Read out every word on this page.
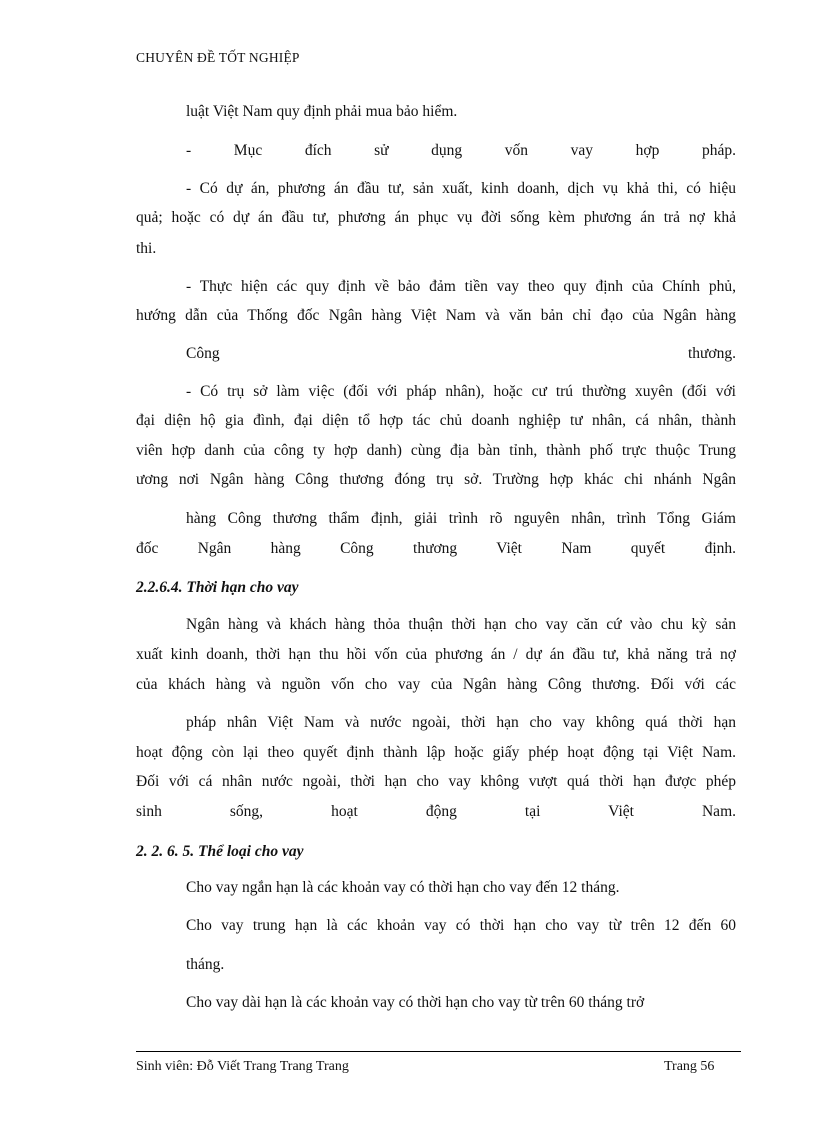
CHUYÊN ĐỀ TỐT NGHIỆP
luật Việt Nam quy định phải mua bảo hiểm.
- Mục đích sử dụng vốn vay hợp pháp.
- Có dự án, phương án đầu tư, sản xuất, kinh doanh, dịch vụ khả thi, có hiệu
quả; hoặc có dự án đầu tư, phương án phục vụ đời sống kèm phương án trả nợ khả
thi.
- Thực hiện các quy định về bảo đảm tiền vay theo quy định của Chính phủ,
hướng dẫn của Thống đốc Ngân hàng Việt Nam và văn bản chỉ đạo của Ngân hàng
Công thương.
- Có trụ sở làm việc (đối với pháp nhân), hoặc cư trú thường xuyên (đối với
đại diện hộ gia đình, đại diện tổ hợp tác chủ doanh nghiệp tư nhân, cá nhân, thành
viên hợp danh của công ty hợp danh) cùng địa bàn tỉnh, thành phố trực thuộc Trung
ương nơi Ngân hàng Công thương đóng trụ sở. Trường hợp khác chi nhánh Ngân
hàng Công thương thẩm định, giải trình rõ nguyên nhân, trình Tổng Giám
đốc Ngân hàng Công thương Việt Nam quyết định.
2.2.6.4. Thời hạn cho vay
Ngân hàng và khách hàng thỏa thuận thời hạn cho vay căn cứ vào chu kỳ sản
xuất kinh doanh, thời hạn thu hồi vốn của phương án / dự án đầu tư, khả năng trả nợ
của khách hàng và nguồn vốn cho vay của Ngân hàng Công thương. Đối với các
pháp nhân Việt Nam và nước ngoài, thời hạn cho vay không quá thời hạn
hoạt động còn lại theo quyết định thành lập hoặc giấy phép hoạt động tại Việt Nam.
Đối với cá nhân nước ngoài, thời hạn cho vay không vượt quá thời hạn được phép
sinh sống, hoạt động tại Việt Nam.
2. 2. 6. 5. Thể loại cho vay
Cho vay ngắn hạn là các khoản vay có thời hạn cho vay đến 12 tháng.
Cho vay trung hạn là các khoản vay có thời hạn cho vay từ trên 12 đến 60
tháng.
Cho vay dài hạn là các khoản vay có thời hạn cho vay từ trên 60 tháng trở
Sinh viên: Đỗ Viết Trang Trang Trang	Trang 56
